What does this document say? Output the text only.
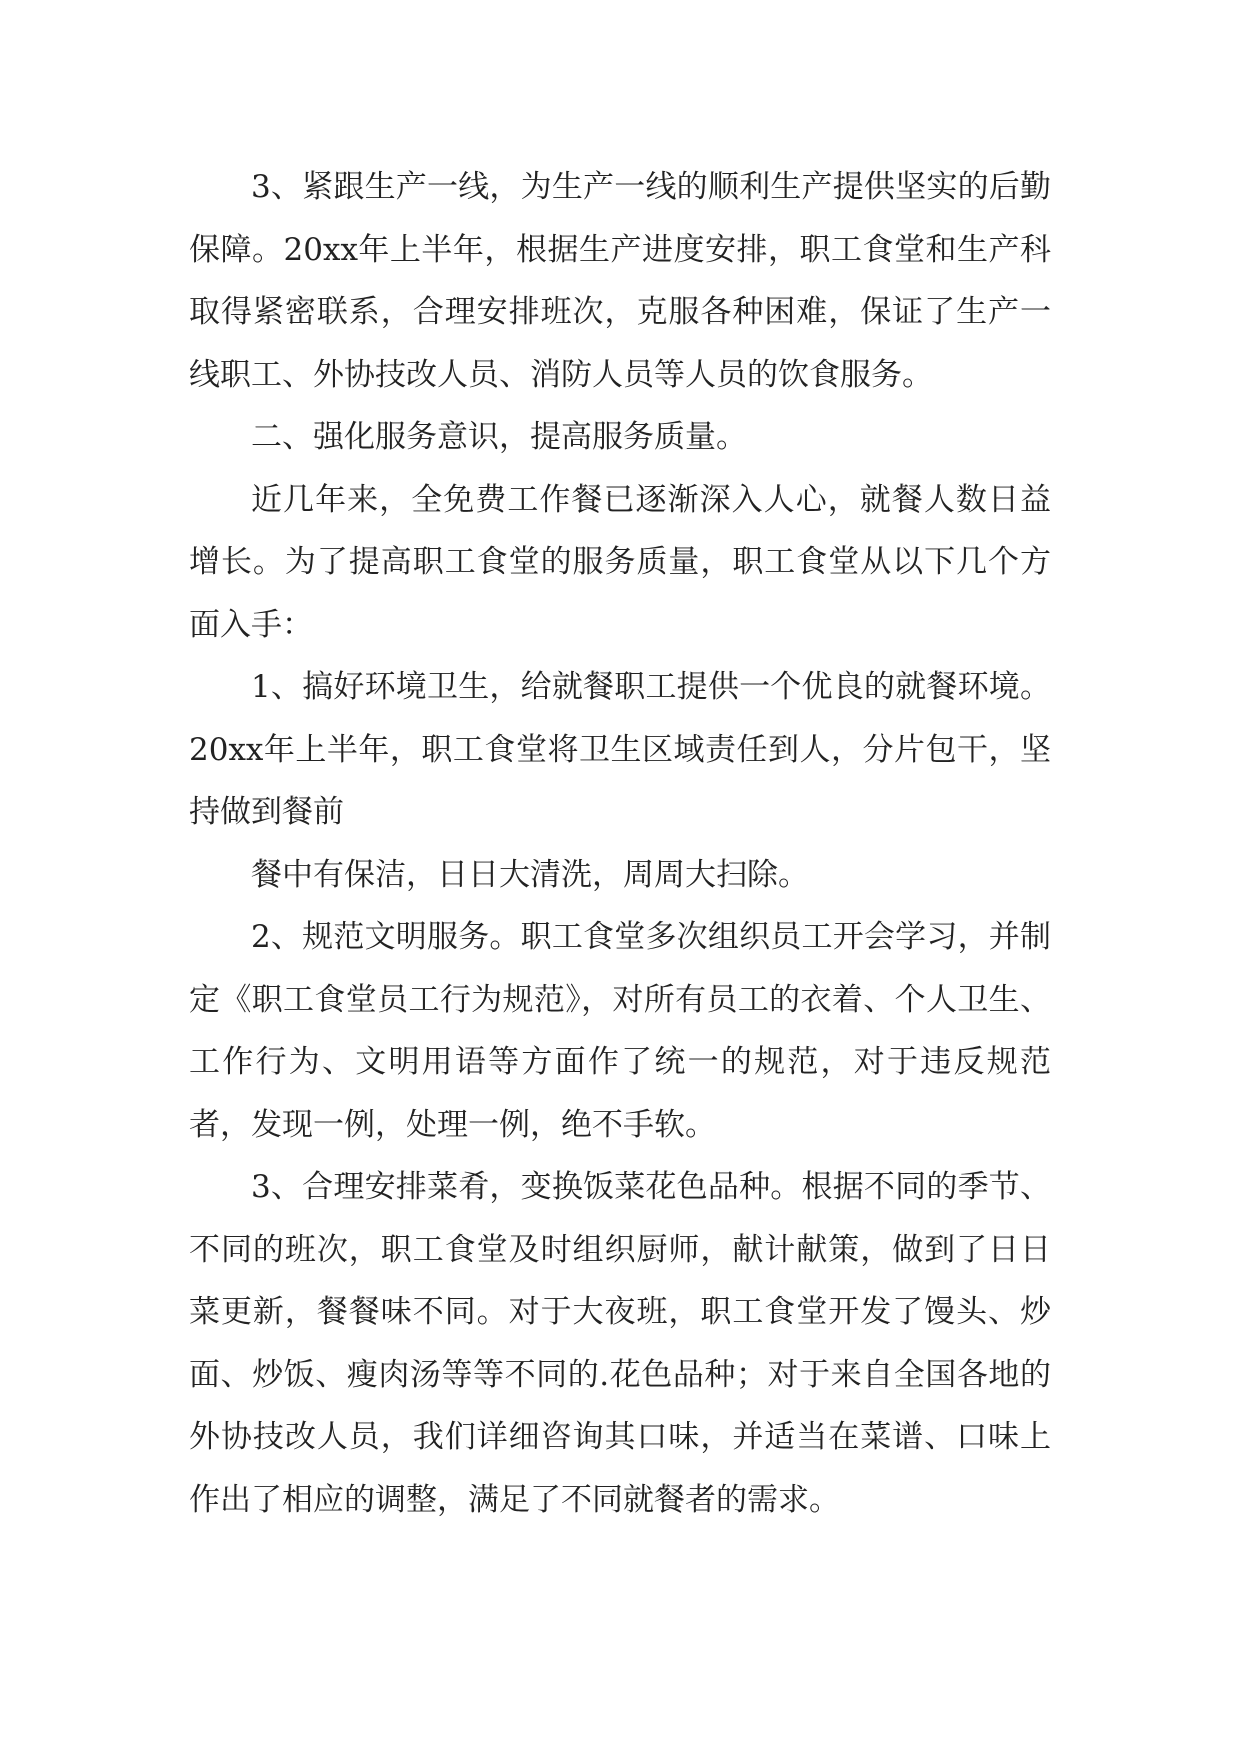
3、紧跟生产一线，为生产一线的顺利生产提供坚实的后勤保障。20xx年上半年，根据生产进度安排，职工食堂和生产科取得紧密联系，合理安排班次，克服各种困难，保证了生产一线职工、外协技改人员、消防人员等人员的饮食服务。

二、强化服务意识，提高服务质量。

近几年来，全免费工作餐已逐渐深入人心，就餐人数日益增长。为了提高职工食堂的服务质量，职工食堂从以下几个方面入手：

1、搞好环境卫生，给就餐职工提供一个优良的就餐环境。20xx年上半年，职工食堂将卫生区域责任到人，分片包干，坚持做到餐前

餐中有保洁，日日大清洗，周周大扫除。

2、规范文明服务。职工食堂多次组织员工开会学习，并制定《职工食堂员工行为规范》，对所有员工的衣着、个人卫生、工作行为、文明用语等方面作了统一的规范，对于违反规范者，发现一例，处理一例，绝不手软。

3、合理安排菜肴，变换饭菜花色品种。根据不同的季节、不同的班次，职工食堂及时组织厨师，献计献策，做到了日日菜更新，餐餐味不同。对于大夜班，职工食堂开发了馒头、炒面、炒饭、瘦肉汤等等不同的.花色品种；对于来自全国各地的外协技改人员，我们详细咨询其口味，并适当在菜谱、口味上作出了相应的调整，满足了不同就餐者的需求。
